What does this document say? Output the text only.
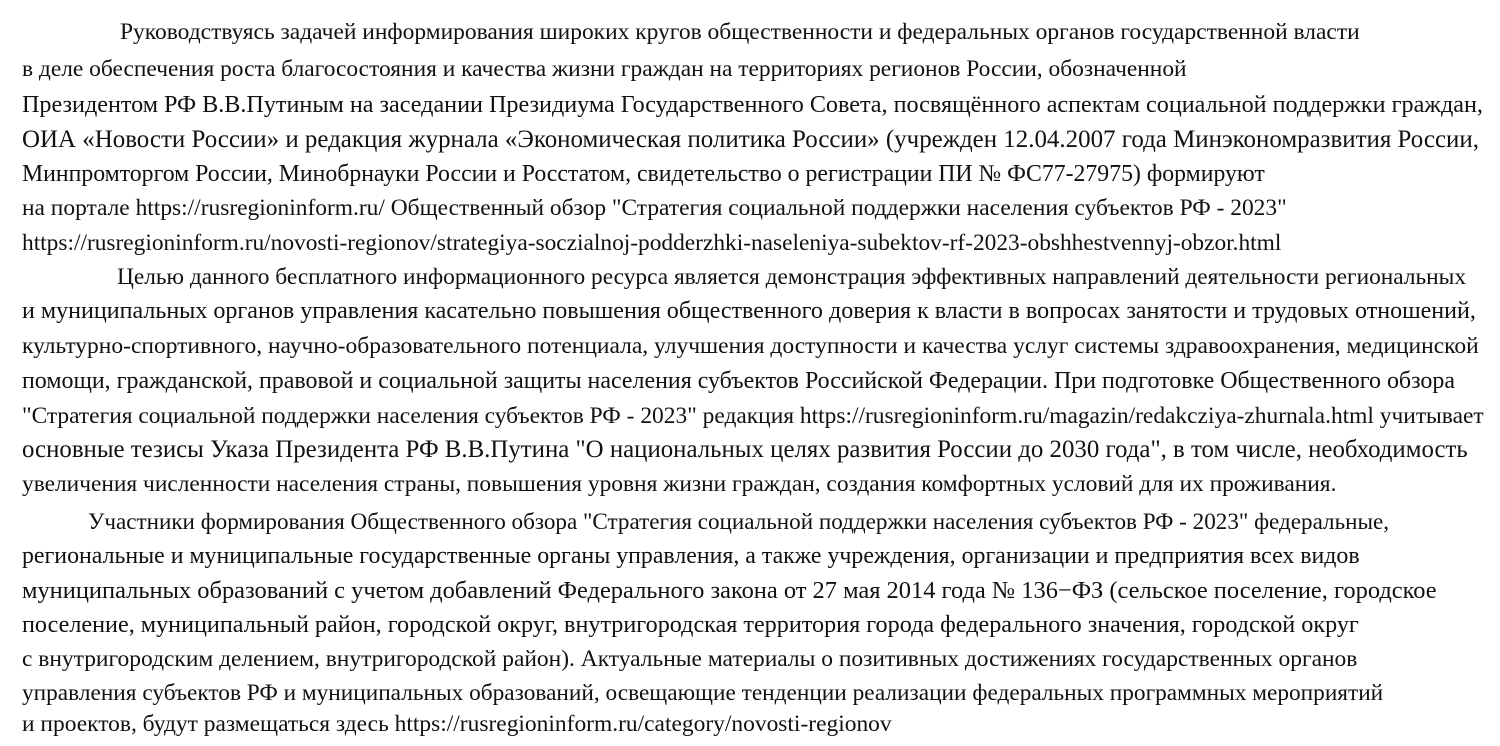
Руководствуясь задачей информирования широких кругов общественности и федеральных органов государственной власти
в деле обеспечения роста благосостояния и качества жизни граждан на территориях регионов России, обозначенной
Президентом РФ В.В.Путиным на заседании Президиума Государственного Совета, посвящённого аспектам социальной поддержки граждан,
ОИА «Новости России» и редакция журнала «Экономическая политика России» (учрежден 12.04.2007 года Минэкономразвития России,
Минпромторгом России, Минобрнауки России и Росстатом, свидетельство о регистрации ПИ № ФС77-27975) формируют
на портале https://rusregioninform.ru/ Общественный обзор "Стратегия социальной поддержки населения субъектов РФ - 2023"
https://rusregioninform.ru/novosti-regionov/strategiya-soczialnoj-podderzhki-naseleniya-subektov-rf-2023-obshhestvennyj-obzor.html
Целью данного бесплатного информационного ресурса является демонстрация эффективных направлений деятельности региональных
и муниципальных органов управления касательно повышения общественного доверия к власти в вопросах занятости и трудовых отношений,
культурно-спортивного, научно-образовательного потенциала, улучшения доступности и качества услуг системы здравоохранения, медицинской
помощи, гражданской, правовой и социальной защиты населения субъектов Российской Федерации. При подготовке Общественного обзора
"Стратегия социальной поддержки населения субъектов РФ - 2023" редакция https://rusregioninform.ru/magazin/redakcziya-zhurnala.html учитывает
основные тезисы Указа Президента РФ В.В.Путина "О национальных целях развития России до 2030 года", в том числе, необходимость
увеличения численности населения страны, повышения уровня жизни граждан, создания комфортных условий для их проживания.
Участники формирования Общественного обзора "Стратегия социальной поддержки населения субъектов РФ - 2023" федеральные,
региональные и муниципальные государственные органы управления, а также учреждения, организации и предприятия всех видов
муниципальных образований с учетом добавлений Федерального закона от 27 мая 2014 года № 136−ФЗ (сельское поселение, городское
поселение, муниципальный район, городской округ, внутригородская территория города федерального значения, городской округ
с внутригородским делением, внутригородской район). Актуальные материалы о позитивных достижениях государственных органов
управления субъектов РФ и муниципальных образований, освещающие тенденции реализации федеральных программных мероприятий
и проектов, будут размещаться здесь https://rusregioninform.ru/category/novosti-regionov
